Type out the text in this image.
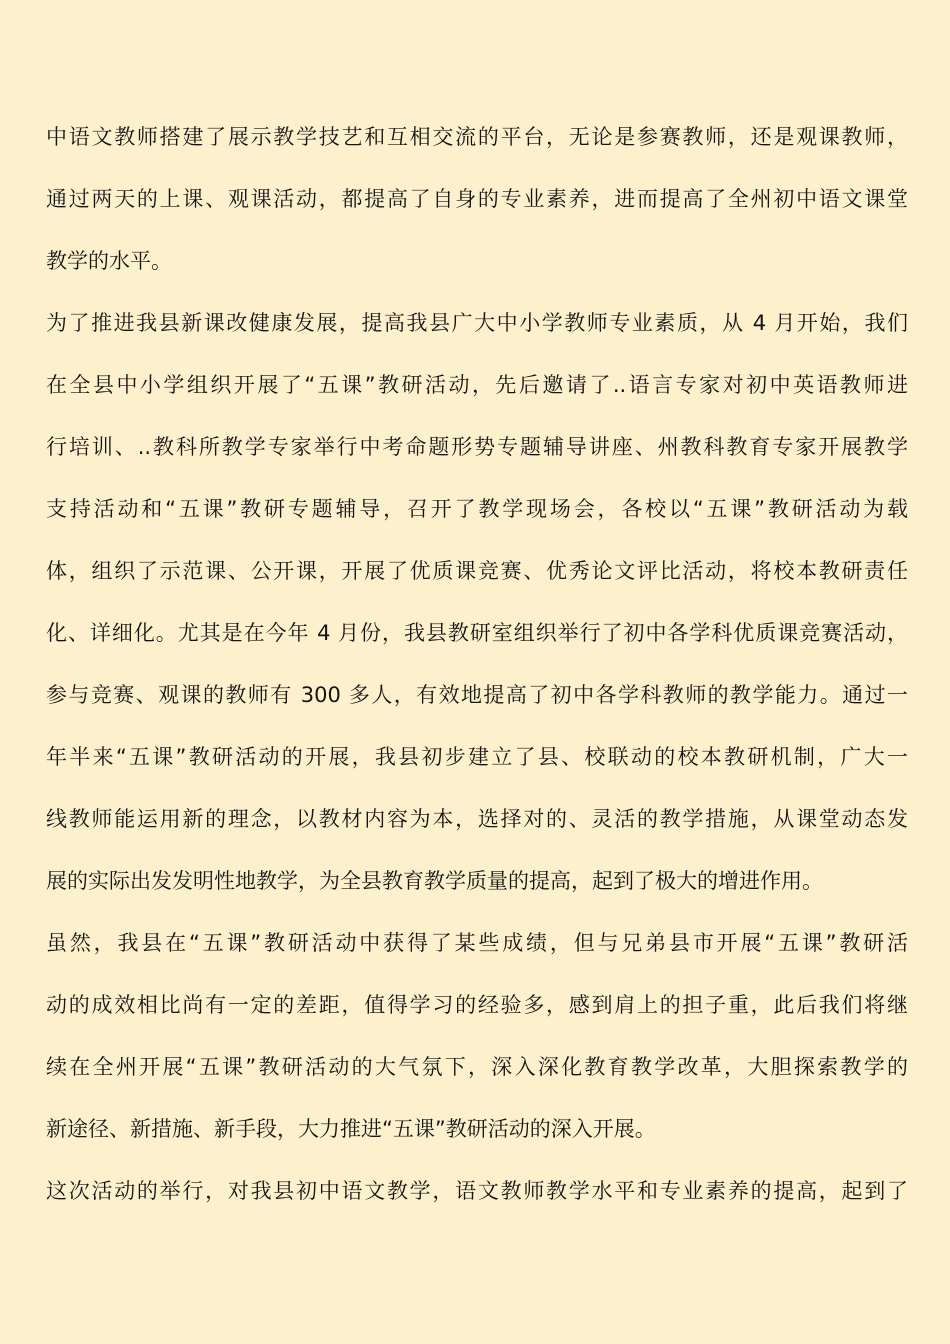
中语文教师搭建了展示教学技艺和互相交流的平台，无论是参赛教师，还是观课教师，
通过两天的上课、观课活动，都提高了自身的专业素养，进而提高了全州初中语文课堂
教学的水平。
为了推进我县新课改健康发展，提高我县广大中小学教师专业素质，从 4 月开始，我们
在全县中小学组织开展了“五课”教研活动，先后邀请了..语言专家对初中英语教师进
行培训、..教科所教学专家举行中考命题形势专题辅导讲座、州教科教育专家开展教学
支持活动和“五课”教研专题辅导，召开了教学现场会，各校以“五课”教研活动为载
体，组织了示范课、公开课，开展了优质课竞赛、优秀论文评比活动，将校本教研责任
化、详细化。尤其是在今年 4 月份，我县教研室组织举行了初中各学科优质课竞赛活动，
参与竞赛、观课的教师有 300 多人，有效地提高了初中各学科教师的教学能力。通过一
年半来“五课”教研活动的开展，我县初步建立了县、校联动的校本教研机制，广大一
线教师能运用新的理念，以教材内容为本，选择对的、灵活的教学措施，从课堂动态发
展的实际出发发明性地教学，为全县教育教学质量的提高，起到了极大的增进作用。
虽然，我县在“五课”教研活动中获得了某些成绩，但与兄弟县市开展“五课”教研活
动的成效相比尚有一定的差距，值得学习的经验多，感到肩上的担子重，此后我们将继
续在全州开展“五课”教研活动的大气氛下，深入深化教育教学改革，大胆探索教学的
新途径、新措施、新手段，大力推进“五课”教研活动的深入开展。
这次活动的举行，对我县初中语文教学，语文教师教学水平和专业素养的提高，起到了
